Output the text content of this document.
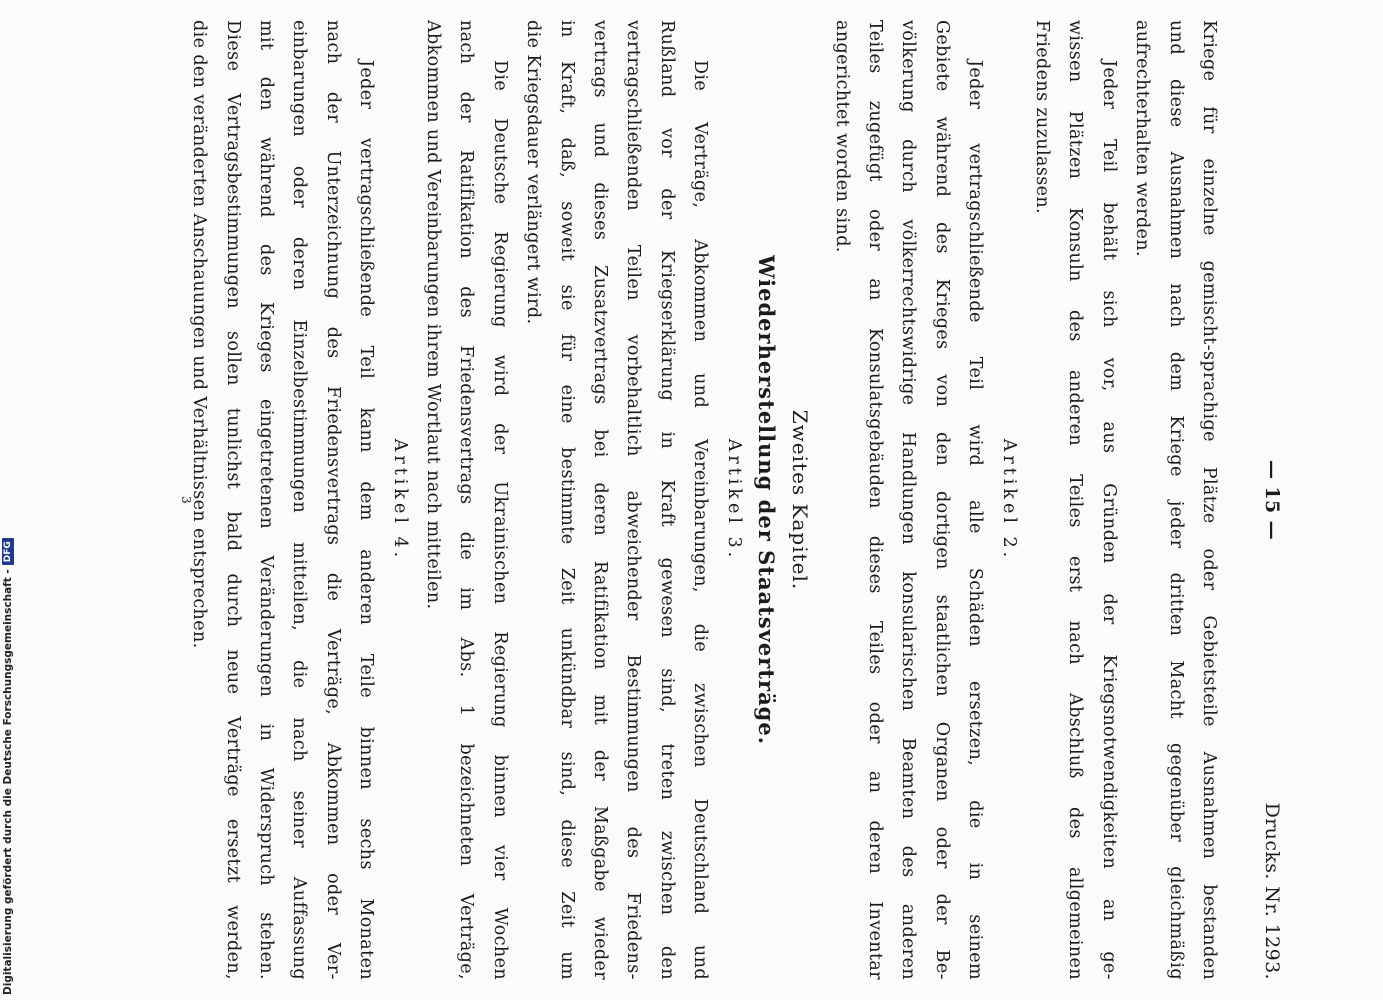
— 15 —
Drucks. Nr. 1293.
Kriege für einzelne gemischt-sprachige Plätze oder Gebietsteile Ausnahmen bestanden
und diese Ausnahmen nach dem Kriege jeder dritten Macht gegenüber gleichmäßig
aufrechterhalten werden.
Jeder Teil behält sich vor, aus Gründen der Kriegsnotwendigkeiten an ge-
wissen Plätzen Konsuln des anderen Teiles erst nach Abschluß des allgemeinen
Friedens zuzulassen.
Artikel 2.
Jeder vertragschließende Teil wird alle Schäden ersetzen, die in seinem
Gebiete während des Krieges von den dortigen staatlichen Organen oder der Be-
völkerung durch völkerrechtswidrige Handlungen konsularischen Beamten des anderen
Teiles zugefügt oder an Konsulatsgebäuden dieses Teiles oder an deren Inventar
angerichtet worden sind.
Zweites Kapitel.
Wiederherstellung der Staatsverträge.
Artikel 3.
Die Verträge, Abkommen und Vereinbarungen, die zwischen Deutschland und
Rußland vor der Kriegserklärung in Kraft gewesen sind, treten zwischen den
vertragschließenden Teilen vorbehaltlich abweichender Bestimmungen des Friedens-
vertrags und dieses Zusatzvertrags bei deren Ratifikation mit der Maßgabe wieder
in Kraft, daß, soweit sie für eine bestimmte Zeit unkündbar sind, diese Zeit um
die Kriegsdauer verlängert wird.
Die Deutsche Regierung wird der Ukrainischen Regierung binnen vier Wochen
nach der Ratifikation des Friedensvertrags die im Abs. 1 bezeichneten Verträge,
Abkommen und Vereinbarungen ihrem Wortlaut nach mitteilen.
Artikel 4.
Jeder vertragschließende Teil kann dem anderen Teile binnen sechs Monaten
nach der Unterzeichnung des Friedensvertrags die Verträge, Abkommen oder Ver-
einbarungen oder deren Einzelbestimmungen mitteilen, die nach seiner Auffassung
mit den während des Krieges eingetretenen Veränderungen in Widerspruch stehen.
Diese Vertragsbestimmungen sollen tunlichst bald durch neue Verträge ersetzt werden,
die den veränderten Anschauungen und Verhältnissen entsprechen.
3
Digitalisierung gefördert durch die Deutsche Forschungsgemeinschaft -DFG
